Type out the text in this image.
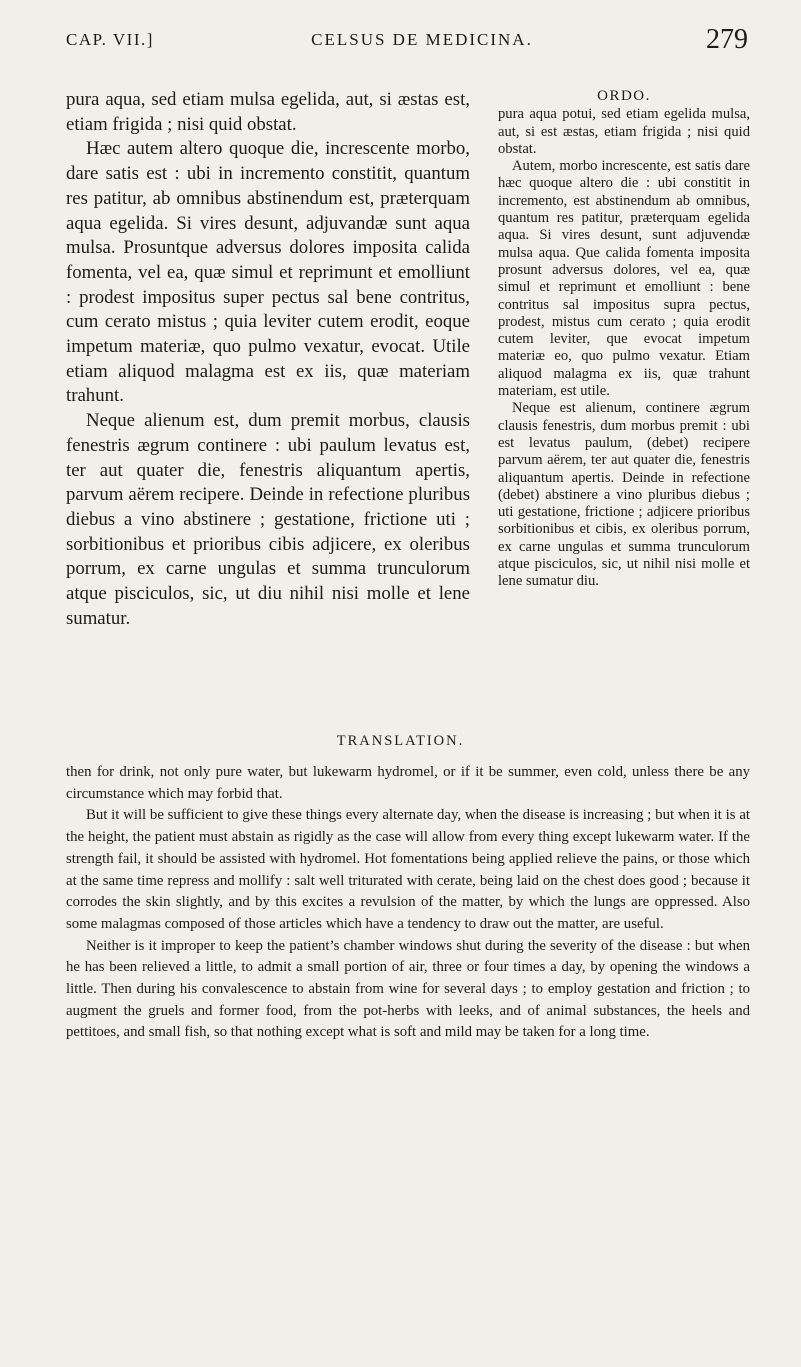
CAP. VII.]	CELSUS DE MEDICINA.	279

pura aqua, sed etiam mulsa egelida, aut, si æstas est, etiam frigida ; nisi quid obstat.

Hæc autem altero quoque die, increscente morbo, dare satis est : ubi in incremento constitit, quantum res patitur, ab omnibus abstinendum est, præterquam aqua egelida. Si vires desunt, adjuvandæ sunt aqua mulsa. Prosuntque adversus dolores imposita calida fomenta, vel ea, quæ simul et reprimunt et emolliunt : prodest impositus super pectus sal bene contritus, cum cerato mistus ; quia leviter cutem erodit, eoque impetum materiæ, quo pulmo vexatur, evocat. Utile etiam aliquod malagma est ex iis, quæ materiam trahunt.

Neque alienum est, dum premit morbus, clausis fenestris ægrum continere : ubi paulum levatus est, ter aut quater die, fenestris aliquantum apertis, parvum aërem recipere. Deinde in refectione pluribus diebus a vino abstinere ; gestatione, frictione uti ; sorbitionibus et prioribus cibis adjicere, ex oleribus porrum, ex carne ungulas et summa trunculorum atque pisciculos, sic, ut diu nihil nisi molle et lene sumatur.

ORDO.

pura aqua potui, sed etiam egelida mulsa, aut, si est æstas, etiam frigida ; nisi quid obstat.

Autem, morbo increscente, est satis dare hæc quoque altero die : ubi constitit in incremento, est abstinendum ab omnibus, quantum res patitur, præterquam egelida aqua. Si vires desunt, sunt adjuvendæ mulsa aqua. Que calida fomenta imposita prosunt adversus dolores, vel ea, quæ simul et reprimunt et emolliunt : bene contritus sal impositus supra pectus, prodest, mistus cum cerato ; quia erodit cutem leviter, que evocat impetum materiæ eo, quo pulmo vexatur. Etiam aliquod malagma ex iis, quæ trahunt materiam, est utile.

Neque est alienum, continere ægrum clausis fenestris, dum morbus premit : ubi est levatus paulum, (debet) recipere parvum aërem, ter aut quater die, fenestris aliquantum apertis. Deinde in refectione (debet) abstinere a vino pluribus diebus ; uti gestatione, frictione ; adjicere prioribus sorbitionibus et cibis, ex oleribus porrum, ex carne ungulas et summa trunculorum atque pisciculos, sic, ut nihil nisi molle et lene sumatur diu.

TRANSLATION.

then for drink, not only pure water, but lukewarm hydromel, or if it be summer, even cold, unless there be any circumstance which may forbid that.

But it will be sufficient to give these things every alternate day, when the disease is increasing ; but when it is at the height, the patient must abstain as rigidly as the case will allow from every thing except lukewarm water. If the strength fail, it should be assisted with hydromel. Hot fomentations being applied relieve the pains, or those which at the same time repress and mollify : salt well triturated with cerate, being laid on the chest does good ; because it corrodes the skin slightly, and by this excites a revulsion of the matter, by which the lungs are oppressed. Also some malagmas composed of those articles which have a tendency to draw out the matter, are useful.

Neither is it improper to keep the patient’s chamber windows shut during the severity of the disease : but when he has been relieved a little, to admit a small portion of air, three or four times a day, by opening the windows a little. Then during his convalescence to abstain from wine for several days ; to employ gestation and friction ; to augment the gruels and former food, from the pot-herbs with leeks, and of animal substances, the heels and pettitoes, and small fish, so that nothing except what is soft and mild may be taken for a long time.
